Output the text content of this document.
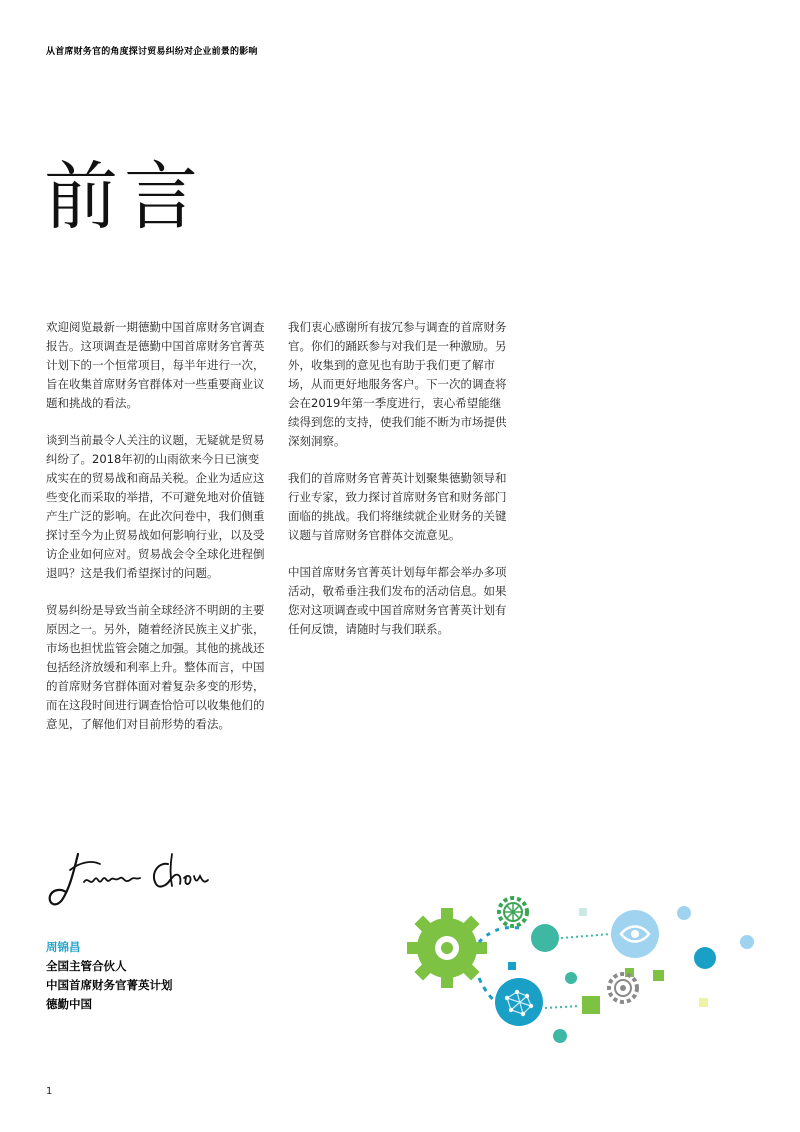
从首席财务官的角度探讨贸易纠纷对企业前景的影响
前言

欢迎阅览最新一期德勤中国首席财务官调查报告。这项调查是德勤中国首席财务官菁英计划下的一个恒常项目，每半年进行一次，旨在收集首席财务官群体对一些重要商业议题和挑战的看法。

谈到当前最令人关注的议题，无疑就是贸易纠纷了。2018年初的山雨欲来今日已演变成实在的贸易战和商品关税。企业为适应这些变化而采取的举措，不可避免地对价值链产生广泛的影响。在此次问卷中，我们侧重探讨至今为止贸易战如何影响行业，以及受访企业如何应对。贸易战会令全球化进程倒退吗？这是我们希望探讨的问题。

贸易纠纷是导致当前全球经济不明朗的主要原因之一。另外，随着经济民族主义扩张，市场也担忧监管会随之加强。其他的挑战还包括经济放缓和利率上升。整体而言，中国的首席财务官群体面对着复杂多变的形势，而在这段时间进行调查恰恰可以收集他们的意见，了解他们对目前形势的看法。

我们衷心感谢所有拔冗参与调查的首席财务官。你们的踊跃参与对我们是一种激励。另外，收集到的意见也有助于我们更了解市场，从而更好地服务客户。下一次的调查将会在2019年第一季度进行，衷心希望能继续得到您的支持，使我们能不断为市场提供深刻洞察。

我们的首席财务官菁英计划聚集德勤领导和行业专家，致力探讨首席财务官和财务部门面临的挑战。我们将继续就企业财务的关键议题与首席财务官群体交流意见。

中国首席财务官菁英计划每年都会举办多项活动，敬希垂注我们发布的活动信息。如果您对这项调查或中国首席财务官菁英计划有任何反馈，请随时与我们联系。

周锦昌
全国主管合伙人
中国首席财务官菁英计划
德勤中国
1
